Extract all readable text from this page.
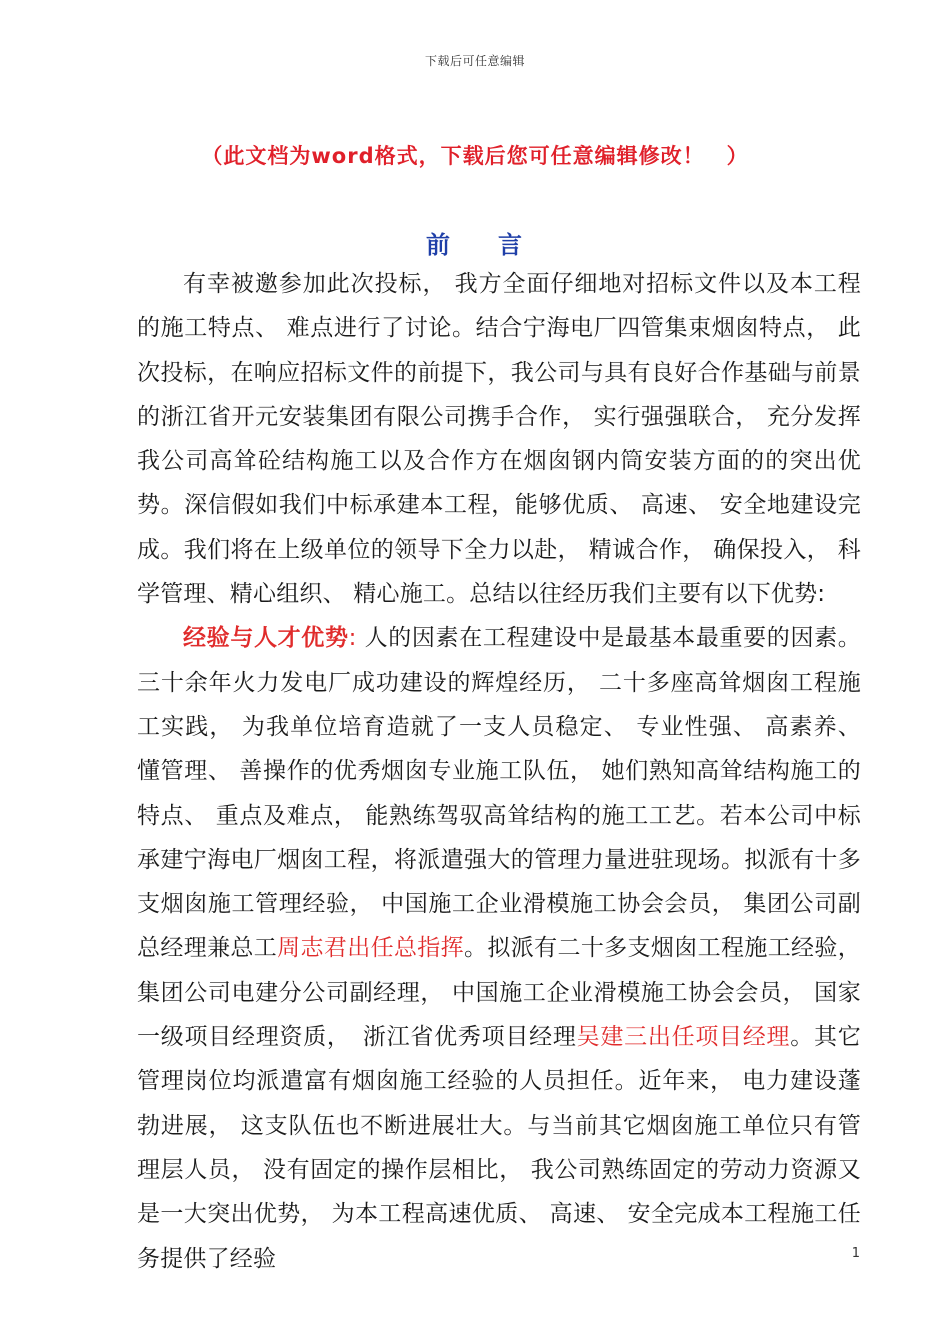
下载后可任意编辑
（此文档为word格式，下载后您可任意编辑修改！　）
前 言

有幸被邀参加此次投标， 我方全面仔细地对招标文件以及本工程的施工特点、 难点进行了讨论。结合宁海电厂四管集束烟囱特点， 此次投标，在响应招标文件的前提下，我公司与具有良好合作基础与前景的浙江省开元安装集团有限公司携手合作， 实行强强联合， 充分发挥我公司高耸砼结构施工以及合作方在烟囱钢内筒安装方面的的突出优势。深信假如我们中标承建本工程，能够优质、 高速、 安全地建设完成。我们将在上级单位的领导下全力以赴， 精诚合作， 确保投入， 科学管理、精心组织、 精心施工。总结以往经历我们主要有以下优势:

经验与人才优势: 人的因素在工程建设中是最基本最重要的因素。三十余年火力发电厂成功建设的辉煌经历， 二十多座高耸烟囱工程施工实践， 为我单位培育造就了一支人员稳定、 专业性强、 高素养、 懂管理、 善操作的优秀烟囱专业施工队伍， 她们熟知高耸结构施工的特点、 重点及难点， 能熟练驾驭高耸结构的施工工艺。若本公司中标承建宁海电厂烟囱工程，将派遣强大的管理力量进驻现场。拟派有十多支烟囱施工管理经验， 中国施工企业滑模施工协会会员， 集团公司副总经理兼总工周志君出任总指挥。拟派有二十多支烟囱工程施工经验， 集团公司电建分公司副经理， 中国施工企业滑模施工协会会员， 国家一级项目经理资质，　浙江省优秀项目经理吴建三出任项目经理。其它管理岗位均派遣富有烟囱施工经验的人员担任。近年来， 电力建设蓬勃进展， 这支队伍也不断进展壮大。与当前其它烟囱施工单位只有管理层人员， 没有固定的操作层相比， 我公司熟练固定的劳动力资源又是一大突出优势， 为本工程高速优质、 高速、 安全完成本工程施工任务提供了经验	1
